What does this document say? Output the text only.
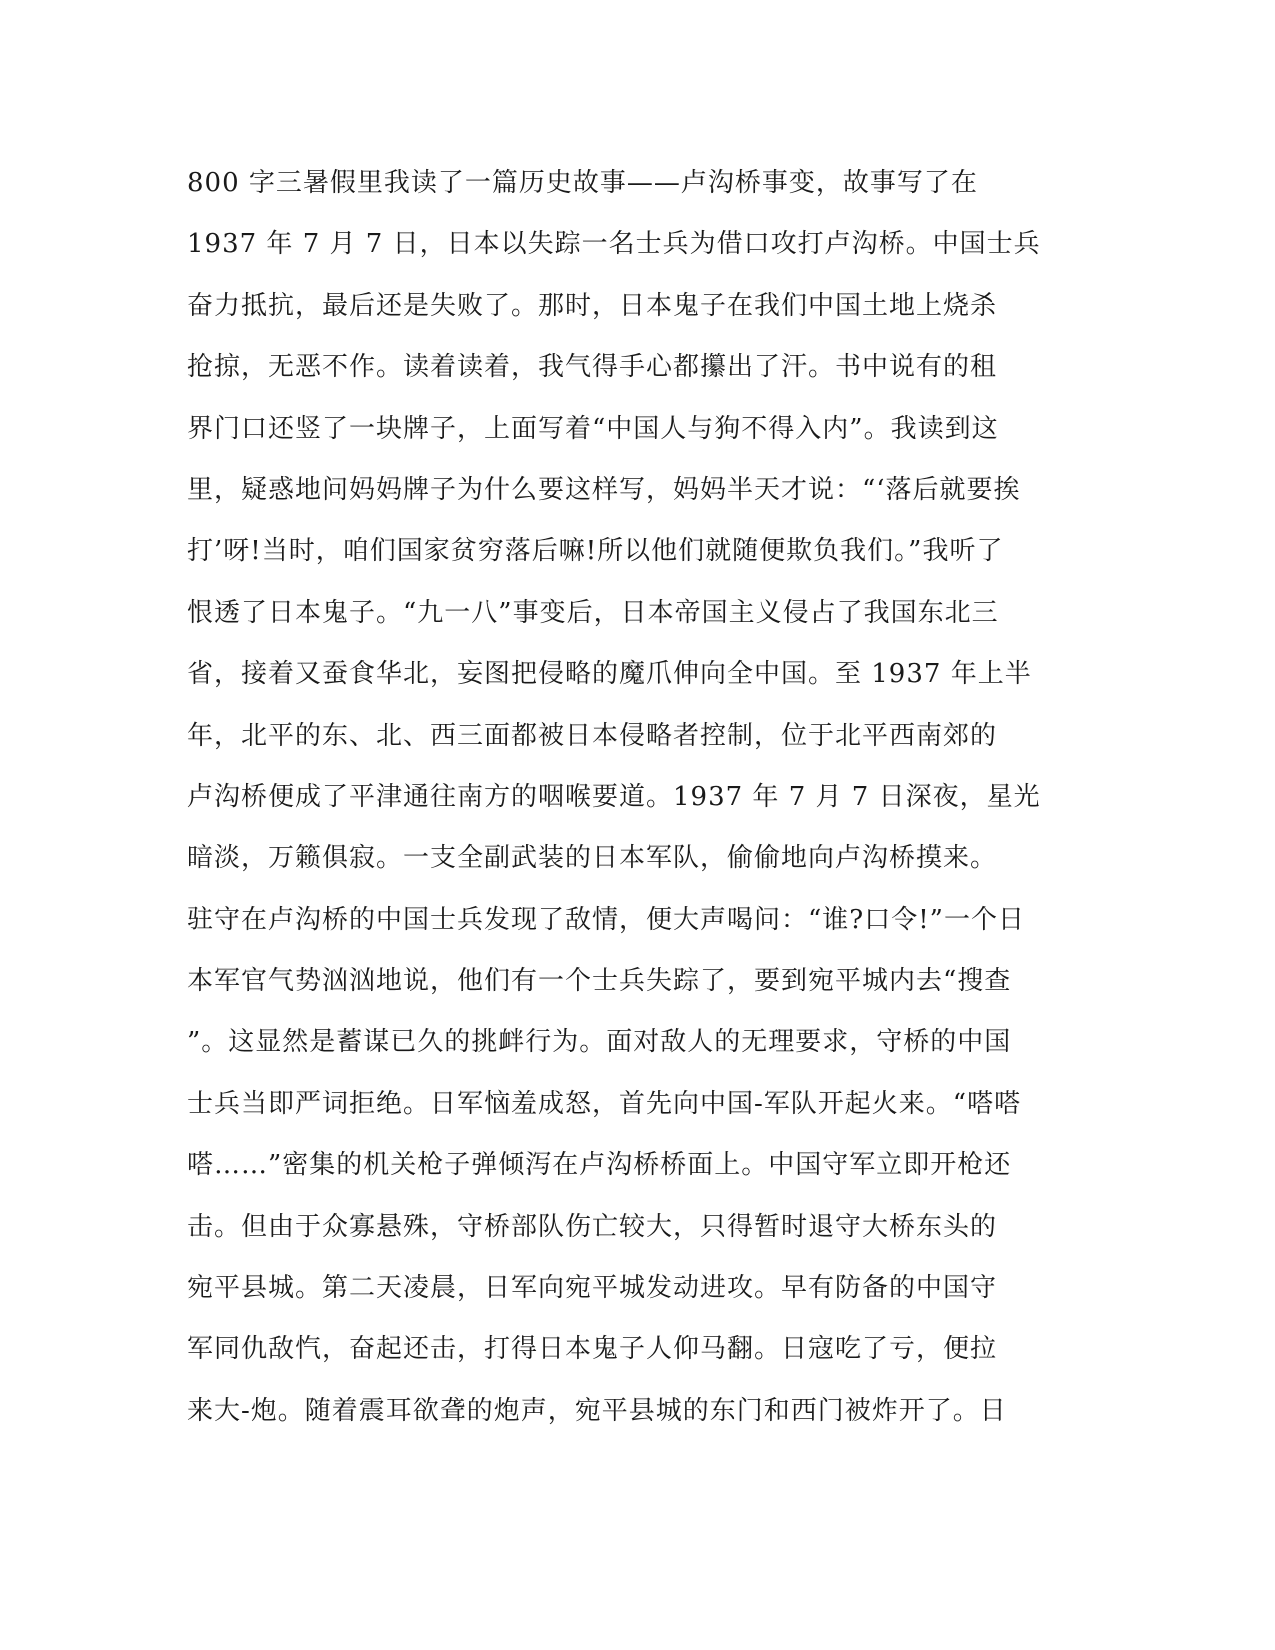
800 字三暑假里我读了一篇历史故事——卢沟桥事变，故事写了在
1937 年 7 月 7 日，日本以失踪一名士兵为借口攻打卢沟桥。中国士兵
奋力抵抗，最后还是失败了。那时，日本鬼子在我们中国土地上烧杀
抢掠，无恶不作。读着读着，我气得手心都攥出了汗。书中说有的租
界门口还竖了一块牌子，上面写着“中国人与狗不得入内”。我读到这
里，疑惑地问妈妈牌子为什么要这样写，妈妈半天才说：“‘落后就要挨
打’呀!当时，咱们国家贫穷落后嘛!所以他们就随便欺负我们。”我听了
恨透了日本鬼子。“九一八”事变后，日本帝国主义侵占了我国东北三
省，接着又蚕食华北，妄图把侵略的魔爪伸向全中国。至 1937 年上半
年，北平的东、北、西三面都被日本侵略者控制，位于北平西南郊的
卢沟桥便成了平津通往南方的咽喉要道。1937 年 7 月 7 日深夜，星光
暗淡，万籁俱寂。一支全副武装的日本军队，偷偷地向卢沟桥摸来。
驻守在卢沟桥的中国士兵发现了敌情，便大声喝问：“谁?口令!”一个日
本军官气势汹汹地说，他们有一个士兵失踪了，要到宛平城内去“搜查
”。这显然是蓄谋已久的挑衅行为。面对敌人的无理要求，守桥的中国
士兵当即严词拒绝。日军恼羞成怒，首先向中国-军队开起火来。“嗒嗒
嗒……”密集的机关枪子弹倾泻在卢沟桥桥面上。中国守军立即开枪还
击。但由于众寡悬殊，守桥部队伤亡较大，只得暂时退守大桥东头的
宛平县城。第二天凌晨，日军向宛平城发动进攻。早有防备的中国守
军同仇敌忾，奋起还击，打得日本鬼子人仰马翻。日寇吃了亏，便拉
来大-炮。随着震耳欲聋的炮声，宛平县城的东门和西门被炸开了。日
